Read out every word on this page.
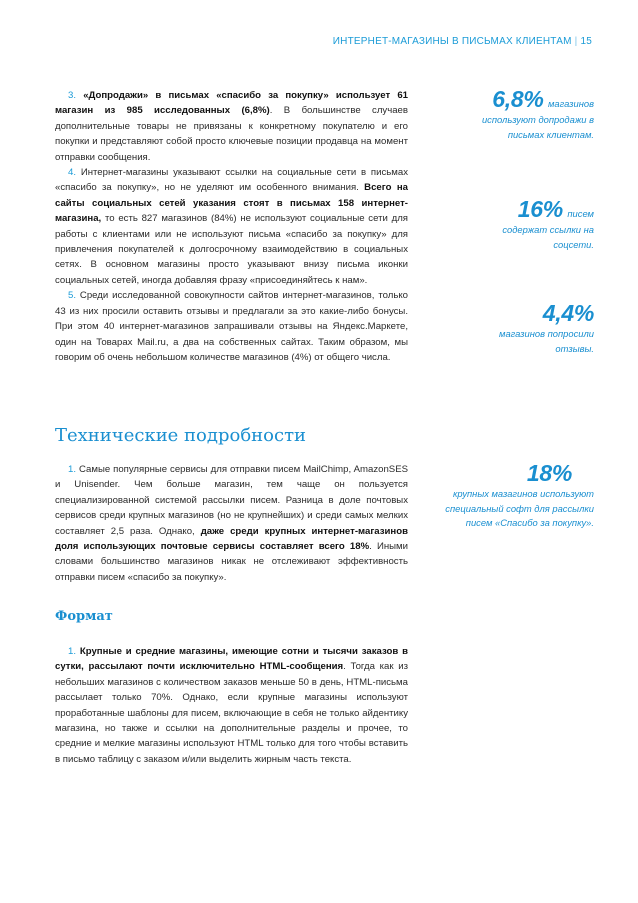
ИНТЕРНЕТ-МАГАЗИНЫ В ПИСЬМАХ КЛИЕНТАМ | 15

3. «Допродажи» в письмах «спасибо за покупку» использует 61 магазин из 985 исследованных (6,8%). В большинстве случаев дополнительные товары не привязаны к конкретному покупателю и его покупки и представляют собой просто ключевые позиции продавца на момент отправки сообщения.

4. Интернет-магазины указывают ссылки на социальные сети в письмах «спасибо за покупку», но не уделяют им особенного внимания. Всего на сайты социальных сетей указания стоят в письмах 158 интернет-магазина, то есть 827 магазинов (84%) не используют социальные сети для работы с клиентами или не используют письма «спасибо за покупку» для привлечения покупателей к долгосрочному взаимодействию в социальных сетях. В основном магазины просто указывают внизу письма иконки социальных сетей, иногда добавляя фразу «присоединяйтесь к нам».

5. Среди исследованной совокупности сайтов интернет-магазинов, только 43 из них просили оставить отзывы и предлагали за это какие-либо бонусы. При этом 40 интернет-магазинов запрашивали отзывы на Яндекс.Маркете, один на Товарах Mail.ru, а два на собственных сайтах. Таким образом, мы говорим об очень небольшом количестве магазинов (4%) от общего числа.

Технические подробности

1. Самые популярные сервисы для отправки писем MailChimp, AmazonSES и Unisender. Чем больше магазин, тем чаще он пользуется специализированной системой рассылки писем. Разница в доле почтовых сервисов среди крупных магазинов (но не крупнейших) и среди самых мелких составляет 2,5 раза. Однако, даже среди крупных интернет-магазинов доля использующих почтовые сервисы составляет всего 18%. Иными словами большинство магазинов никак не отслеживают эффективность отправки писем «спасибо за покупку».

Формат

1. Крупные и средние магазины, имеющие сотни и тысячи заказов в сутки, рассылают почти исключительно HTML-сообщения. Тогда как из небольших магазинов с количеством заказов меньше 50 в день, HTML-письма рассылает только 70%. Однако, если крупные магазины используют проработанные шаблоны для писем, включающие в себя не только айдентику магазина, но также и ссылки на дополнительные разделы и прочее, то средние и мелкие магазины используют HTML только для того чтобы вставить в письмо таблицу с заказом и/или выделить жирным часть текста.

6,8% магазинов
используют допродажи в письмах клиентам.
16% писем
содержат ссылки на соцсети.
4,4%
магазинов попросили отзывы.
18%
крупных мазагинов используют специальный софт для рассылки писем «Спасибо за покупку».
